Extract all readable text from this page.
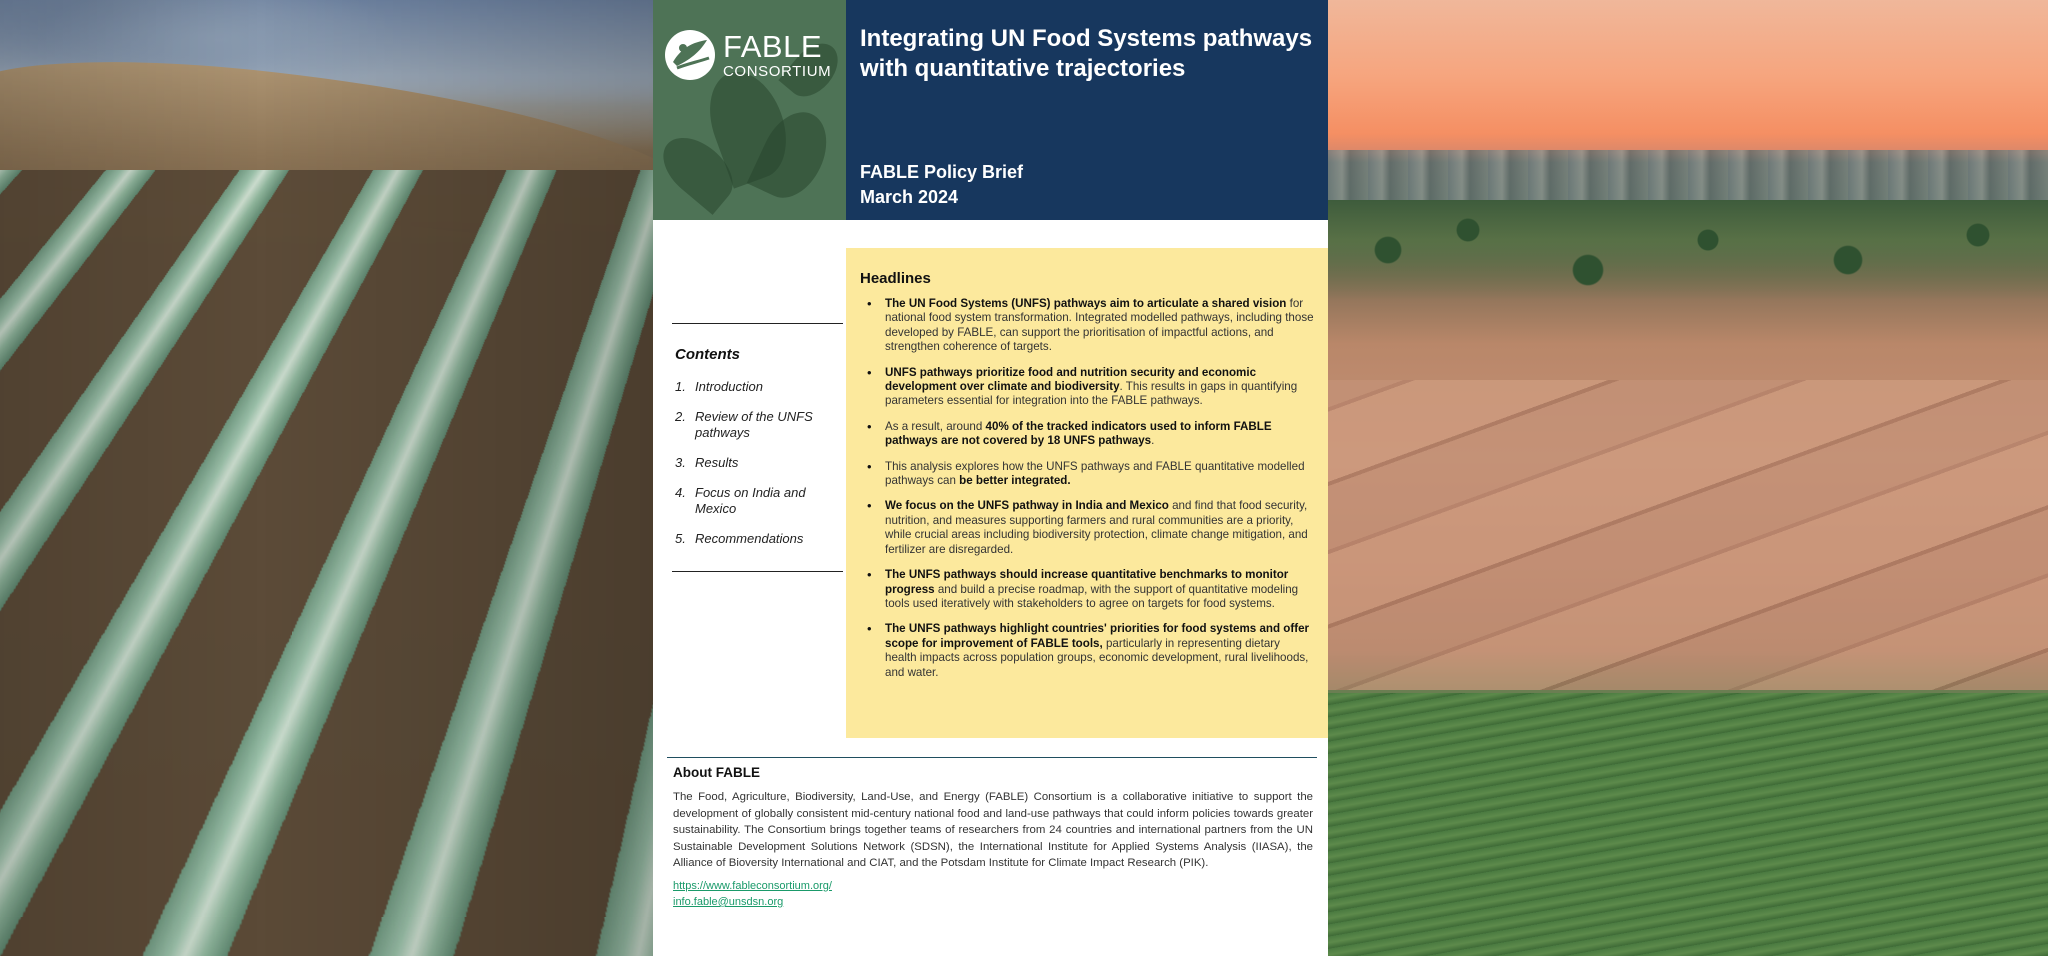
FABLE
CONSORTIUM
Integrating UN Food Systems pathways with quantitative trajectories
FABLE Policy Brief
March 2024
Contents
1. Introduction
2. Review of the UNFS pathways
3. Results
4. Focus on India and Mexico
5. Recommendations
Headlines
• The UN Food Systems (UNFS) pathways aim to articulate a shared vision for national food system transformation. Integrated modelled pathways, including those developed by FABLE, can support the prioritisation of impactful actions, and strengthen coherence of targets.
• UNFS pathways prioritize food and nutrition security and economic development over climate and biodiversity. This results in gaps in quantifying parameters essential for integration into the FABLE pathways.
• As a result, around 40% of the tracked indicators used to inform FABLE pathways are not covered by 18 UNFS pathways.
• This analysis explores how the UNFS pathways and FABLE quantitative modelled pathways can be better integrated.
• We focus on the UNFS pathway in India and Mexico and find that food security, nutrition, and measures supporting farmers and rural communities are a priority, while crucial areas including biodiversity protection, climate change mitigation, and fertilizer are disregarded.
• The UNFS pathways should increase quantitative benchmarks to monitor progress and build a precise roadmap, with the support of quantitative modeling tools used iteratively with stakeholders to agree on targets for food systems.
• The UNFS pathways highlight countries' priorities for food systems and offer scope for improvement of FABLE tools, particularly in representing dietary health impacts across population groups, economic development, rural livelihoods, and water.
About FABLE
The Food, Agriculture, Biodiversity, Land-Use, and Energy (FABLE) Consortium is a collaborative initiative to support the development of globally consistent mid-century national food and land-use pathways that could inform policies towards greater sustainability. The Consortium brings together teams of researchers from 24 countries and international partners from the UN Sustainable Development Solutions Network (SDSN), the International Institute for Applied Systems Analysis (IIASA), the Alliance of Bioversity International and CIAT, and the Potsdam Institute for Climate Impact Research (PIK).
https://www.fableconsortium.org/
info.fable@unsdsn.org
